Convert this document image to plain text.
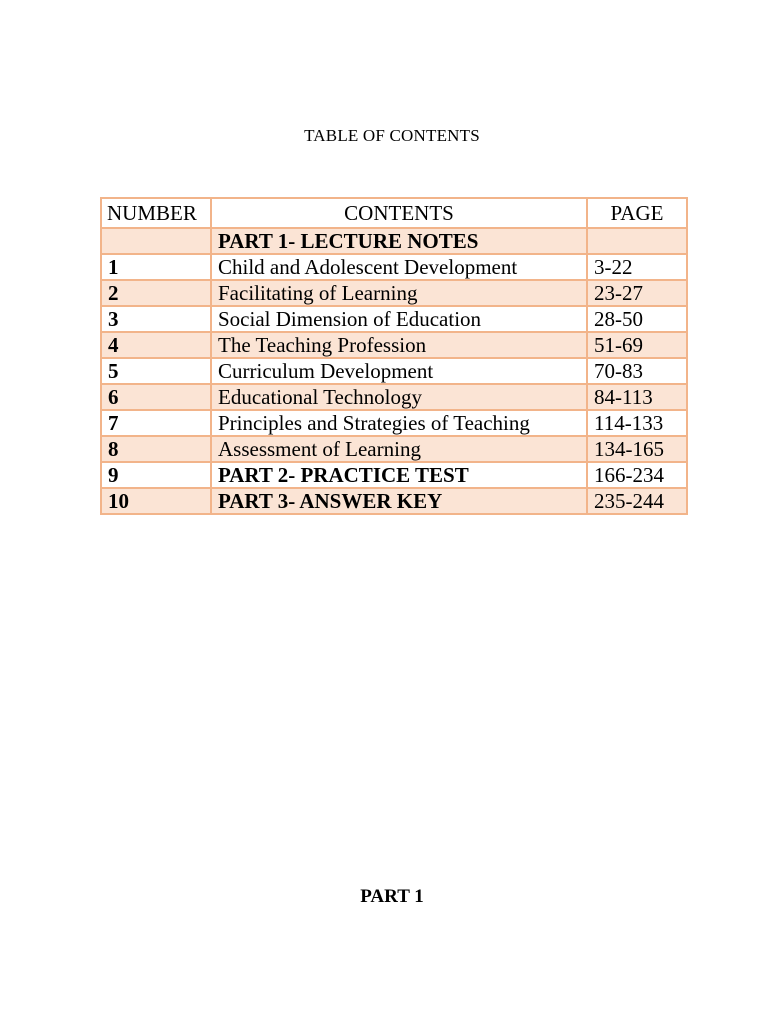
TABLE OF CONTENTS
NUMBER	CONTENTS	PAGE
	PART 1- LECTURE NOTES	
1	Child and Adolescent Development	3-22
2	Facilitating of Learning	23-27
3	Social Dimension of Education	28-50
4	The Teaching Profession	51-69
5	Curriculum Development	70-83
6	Educational Technology	84-113
7	Principles and Strategies of Teaching	114-133
8	Assessment of Learning	134-165
9	PART 2- PRACTICE TEST	166-234
10	PART 3- ANSWER KEY	235-244
PART 1
